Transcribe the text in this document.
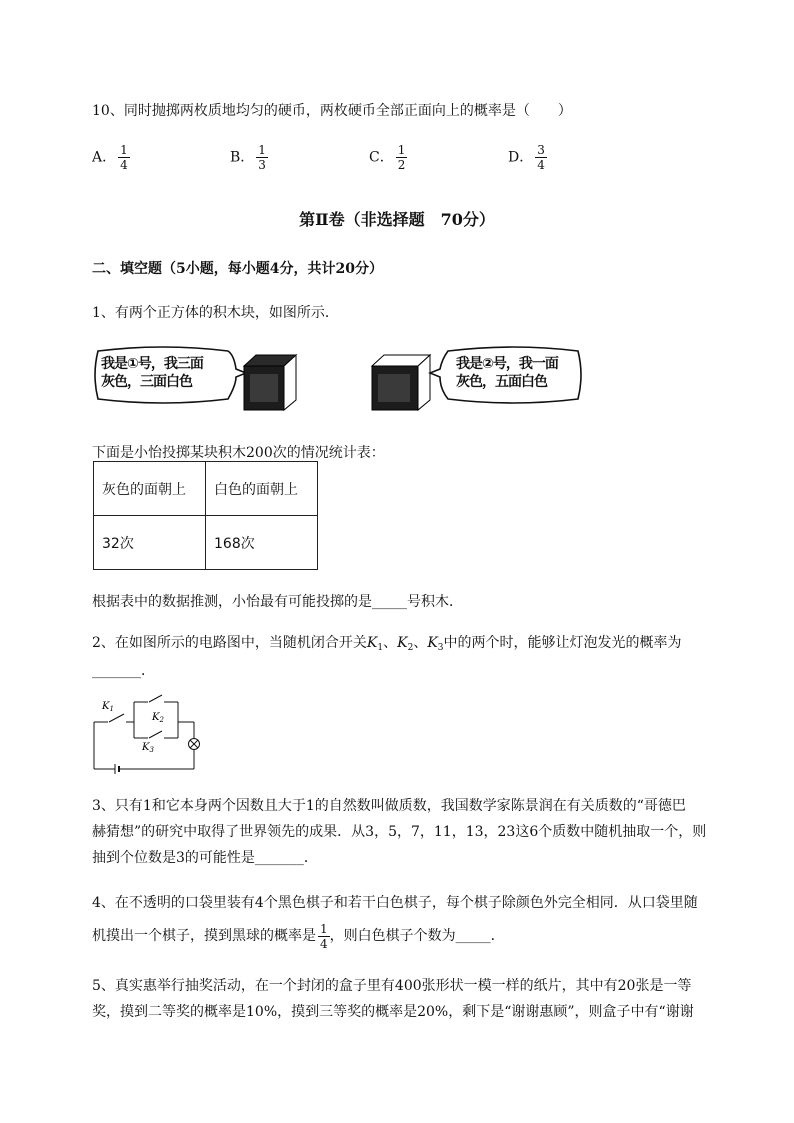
10、同时抛掷两枚质地均匀的硬币，两枚硬币全部正面向上的概率是（　　）
A． $\frac{1}{4}$	B． $\frac{1}{3}$	C． $\frac{1}{2}$	D． $\frac{3}{4}$
第Ⅱ卷（非选择题　70分）
二、填空题（5小题，每小题4分，共计20分）
1、有两个正方体的积木块，如图所示．
我是①号，我三面
灰色，三面白色
我是②号，我一面
灰色，五面白色
下面是小怡投掷某块积木200次的情况统计表：
灰色的面朝上	白色的面朝上
32次	168次
根据表中的数据推测，小怡最有可能投掷的是_____号积木．
2、在如图所示的电路图中，当随机闭合开关$K_1$、$K_2$、$K_3$中的两个时，能够让灯泡发光的概率为
_______．
$K_1$
$K_2$
$K_3$
3、只有1和它本身两个因数且大于1的自然数叫做质数，我国数学家陈景润在有关质数的“哥德巴
赫猜想”的研究中取得了世界领先的成果．从3，5，7，11，13，23这6个质数中随机抽取一个，则
抽到个位数是3的可能性是_______．
4、在不透明的口袋里装有4个黑色棋子和若干白色棋子，每个棋子除颜色外完全相同．从口袋里随
机摸出一个棋子，摸到黑球的概率是 $\frac{1}{4}$ ，则白色棋子个数为_____．
5、真实惠举行抽奖活动，在一个封闭的盒子里有400张形状一模一样的纸片，其中有20张是一等
奖，摸到二等奖的概率是10%，摸到三等奖的概率是20%，剩下是“谢谢惠顾”，则盒子中有“谢谢
